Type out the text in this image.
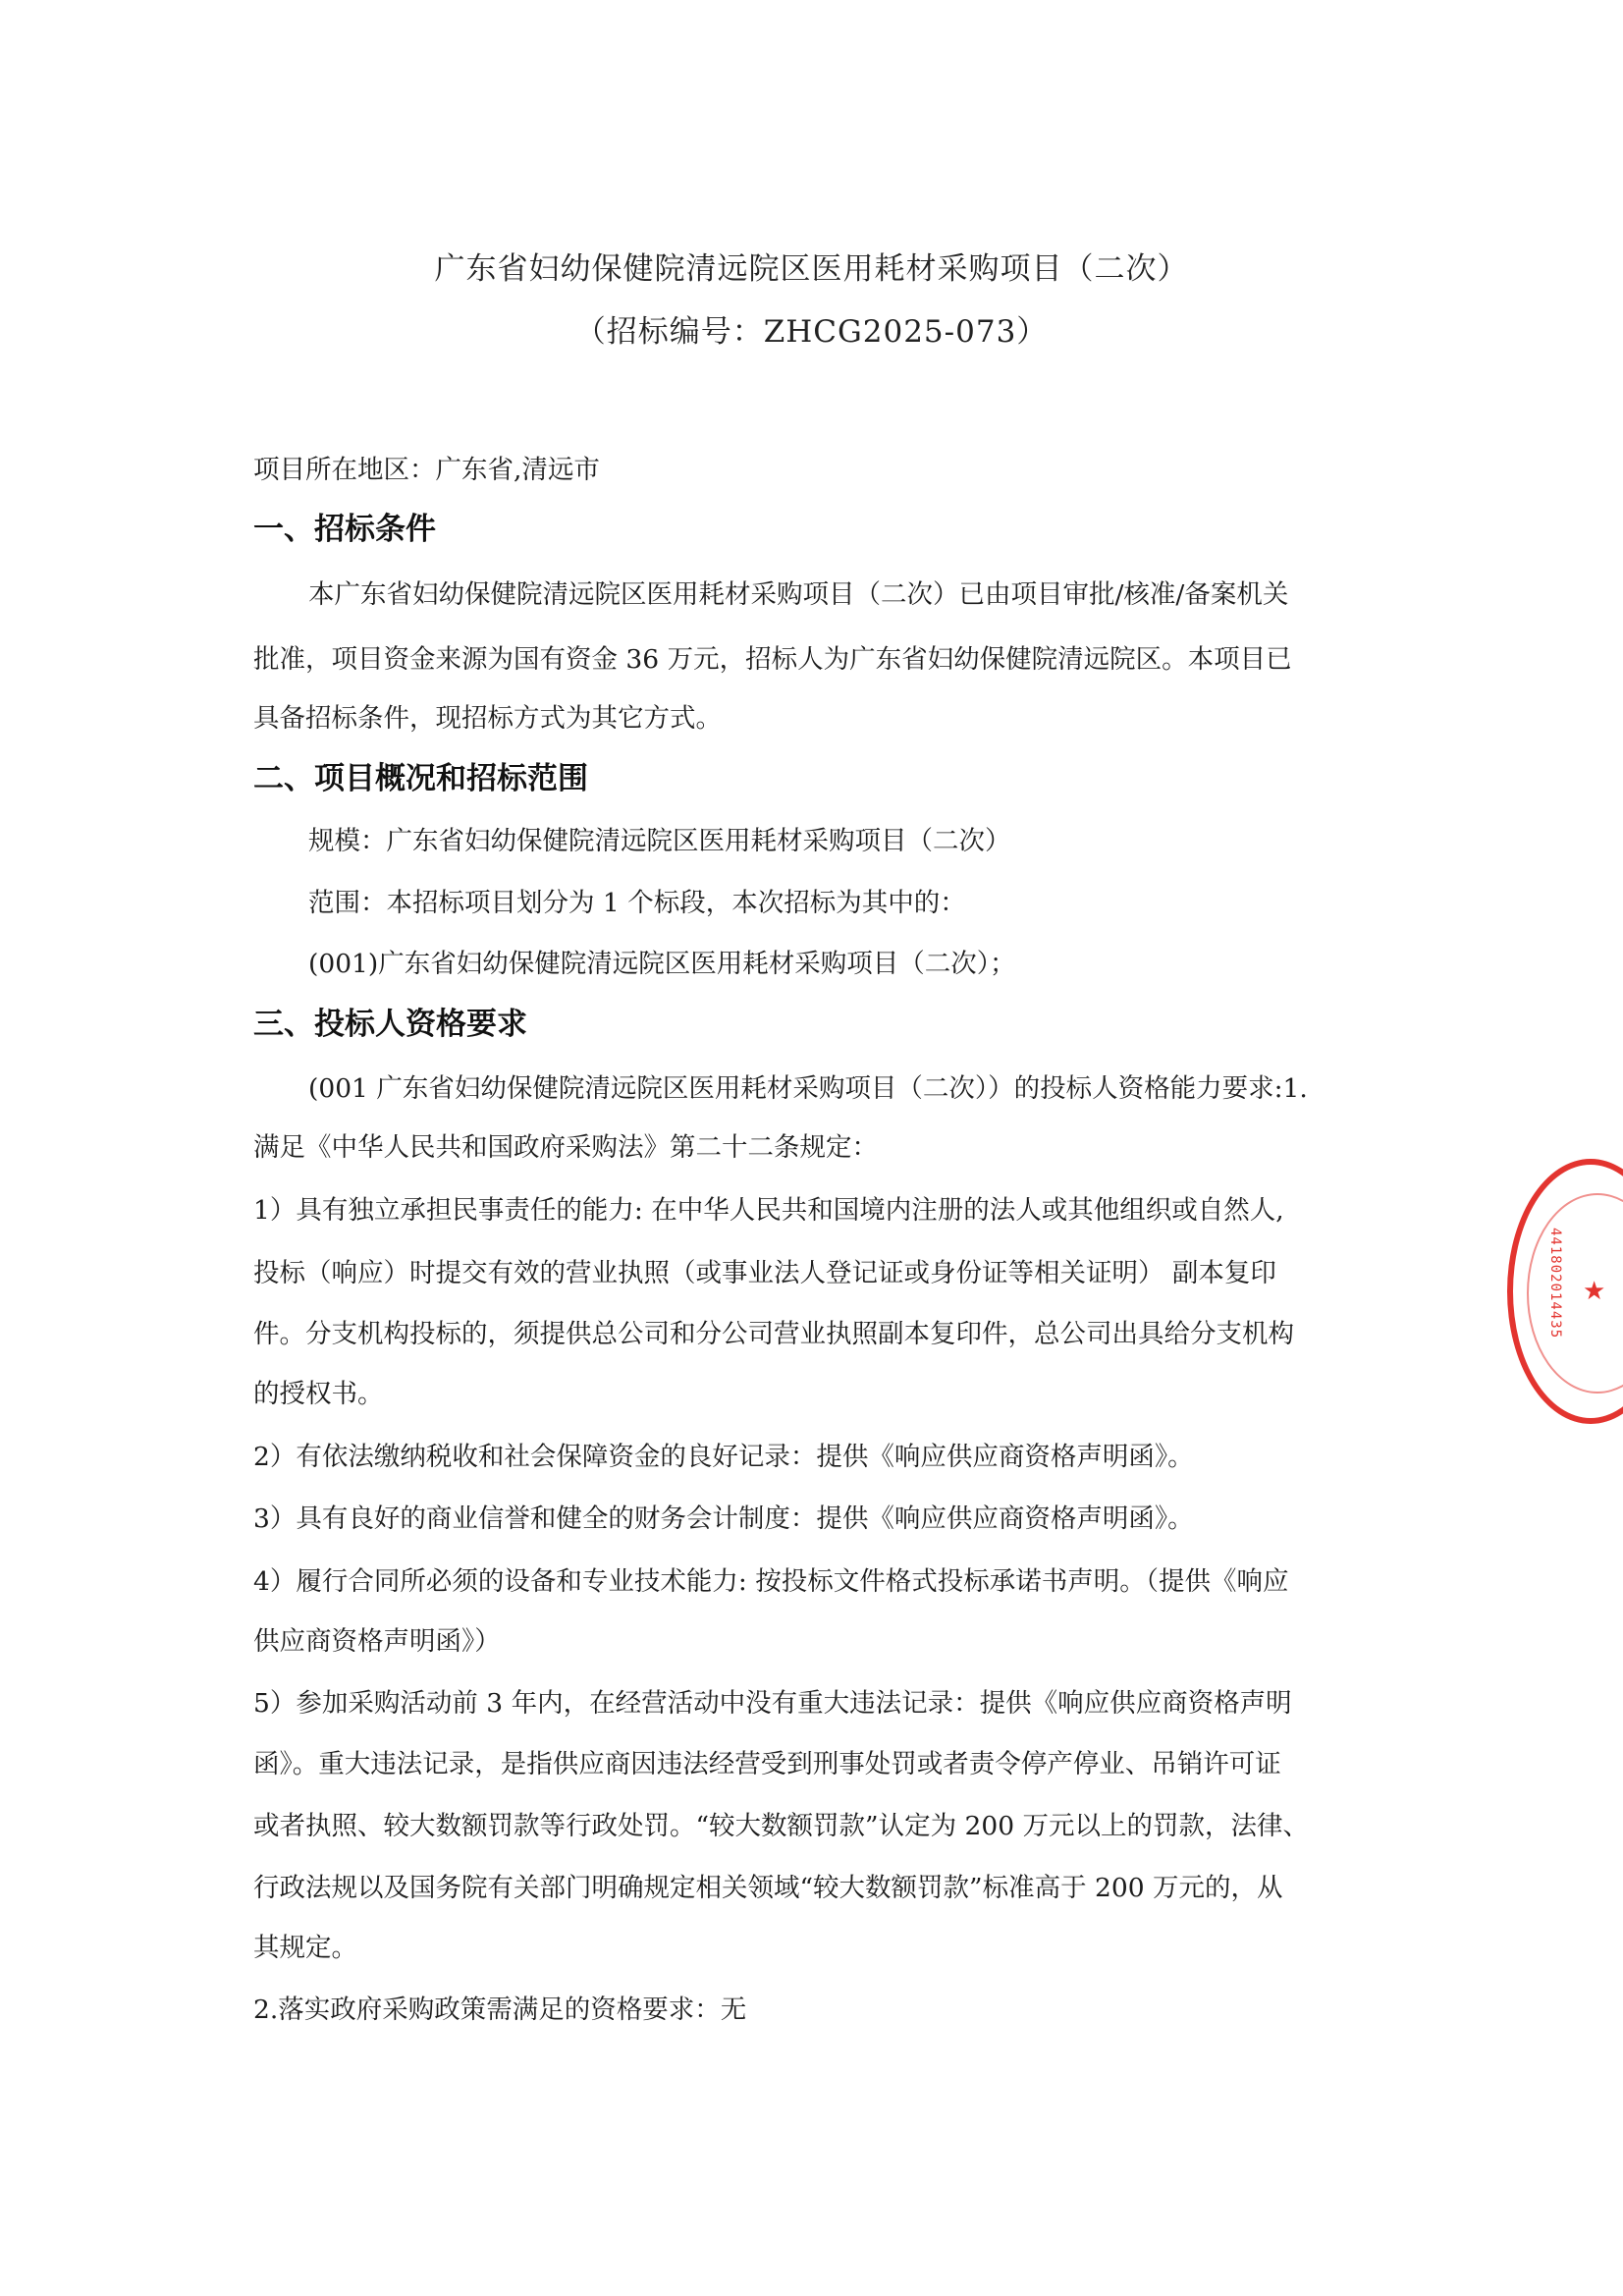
广东省妇幼保健院清远院区医用耗材采购项目（二次）
（招标编号：ZHCG2025-073）
项目所在地区：广东省,清远市
一、招标条件
本广东省妇幼保健院清远院区医用耗材采购项目（二次）已由项目审批/核准/备案机关
批准，项目资金来源为国有资金 36 万元，招标人为广东省妇幼保健院清远院区。本项目已
具备招标条件，现招标方式为其它方式。
二、项目概况和招标范围
规模：广东省妇幼保健院清远院区医用耗材采购项目（二次）
范围：本招标项目划分为 1 个标段，本次招标为其中的：
(001)广东省妇幼保健院清远院区医用耗材采购项目（二次）；
三、投标人资格要求
(001 广东省妇幼保健院清远院区医用耗材采购项目（二次））的投标人资格能力要求:1.
满足《中华人民共和国政府采购法》第二十二条规定：
1）具有独立承担民事责任的能力: 在中华人民共和国境内注册的法人或其他组织或自然人,
投标（响应）时提交有效的营业执照（或事业法人登记证或身份证等相关证明） 副本复印
件。分支机构投标的，须提供总公司和分公司营业执照副本复印件，总公司出具给分支机构
的授权书。
2）有依法缴纳税收和社会保障资金的良好记录：提供《响应供应商资格声明函》。
3）具有良好的商业信誉和健全的财务会计制度：提供《响应供应商资格声明函》。
4）履行合同所必须的设备和专业技术能力: 按投标文件格式投标承诺书声明。（提供《响应
供应商资格声明函》）
5）参加采购活动前 3 年内，在经营活动中没有重大违法记录：提供《响应供应商资格声明
函》。重大违法记录，是指供应商因违法经营受到刑事处罚或者责令停产停业、吊销许可证
或者执照、较大数额罚款等行政处罚。“较大数额罚款”认定为 200 万元以上的罚款，法律、
行政法规以及国务院有关部门明确规定相关领域“较大数额罚款”标准高于 200 万元的，从
其规定。
2.落实政府采购政策需满足的资格要求：无
441802014435 ★
